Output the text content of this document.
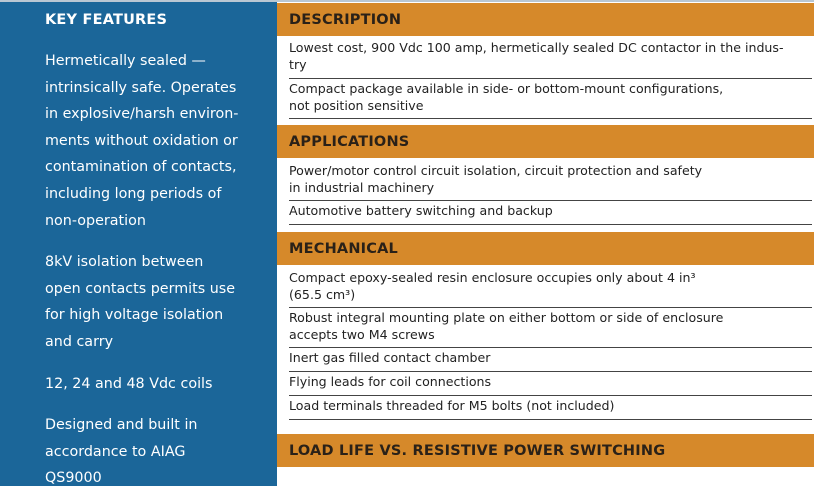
KEY FEATURES
Hermetically sealed —
intrinsically safe. Operates
in explosive/harsh environ-
ments without oxidation or
contamination of contacts,
including long periods of
non-operation
8kV isolation between
open contacts permits use
for high voltage isolation
and carry
12, 24 and 48 Vdc coils
Designed and built in
accordance to AIAG
QS9000
DESCRIPTION
Lowest cost, 900 Vdc 100 amp, hermetically sealed DC contactor in the indus-
try
Compact package available in side- or bottom-mount configurations,
not position sensitive
APPLICATIONS
Power/motor control circuit isolation, circuit protection and safety
in industrial machinery
Automotive battery switching and backup
MECHANICAL
Compact epoxy-sealed resin enclosure occupies only about 4 in³
(65.5 cm³)
Robust integral mounting plate on either bottom or side of enclosure
accepts two M4 screws
Inert gas filled contact chamber
Flying leads for coil connections
Load terminals threaded for M5 bolts (not included)
LOAD LIFE VS. RESISTIVE POWER SWITCHING
